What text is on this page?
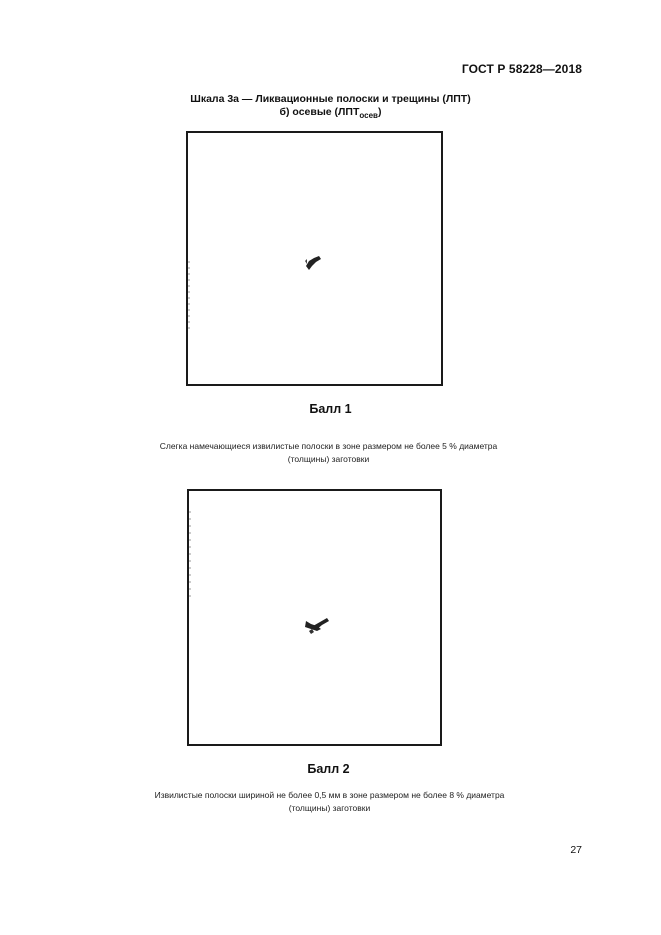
ГОСТ Р 58228—2018
Шкала 3а — Ликвационные полоски и трещины (ЛПТ)
б) осевые $(ЛПТ_{осев})$
Балл 1
Слегка намечающиеся извилистые полоски в зоне размером не более 5 % диаметра
(толщины) заготовки
Балл 2
Извилистые полоски шириной не более 0,5 мм в зоне размером не более 8 % диаметра
(толщины) заготовки
27
